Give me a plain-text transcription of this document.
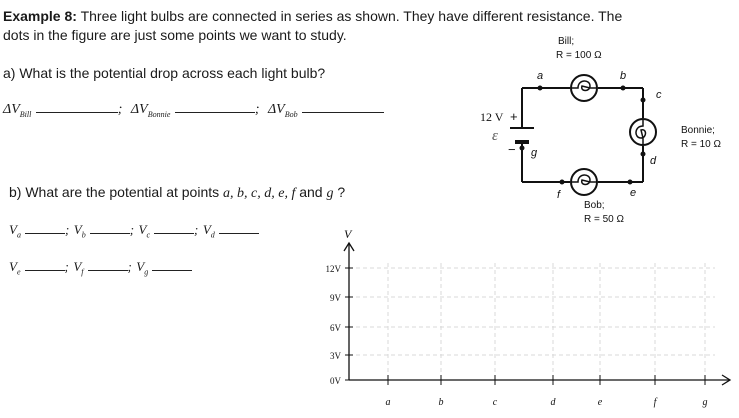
Example 8: Three light bulbs are connected in series as shown. They have different resistance. The
dots in the figure are just some points we want to study.
a) What is the potential drop across each light bulb?
$\Delta V_{Bill}$	; $\Delta V_{Bonnie}$	; $\Delta V_{Bob}$
b) What are the potential at points a, b, c, d, e, f and g ?
$V_a$	; $V_b$	; $V_c$	; $V_d$
$V_e$	; $V_f$	; $V_g$
Bill;
R = 100 Ω
Bonnie;
R = 10 Ω
Bob;
R = 50 Ω
a	b
c
d
e
f
g
12 V +
−
ε
V
12V
9V
6V
3V
0V
a	b	c	d	e	f	g
